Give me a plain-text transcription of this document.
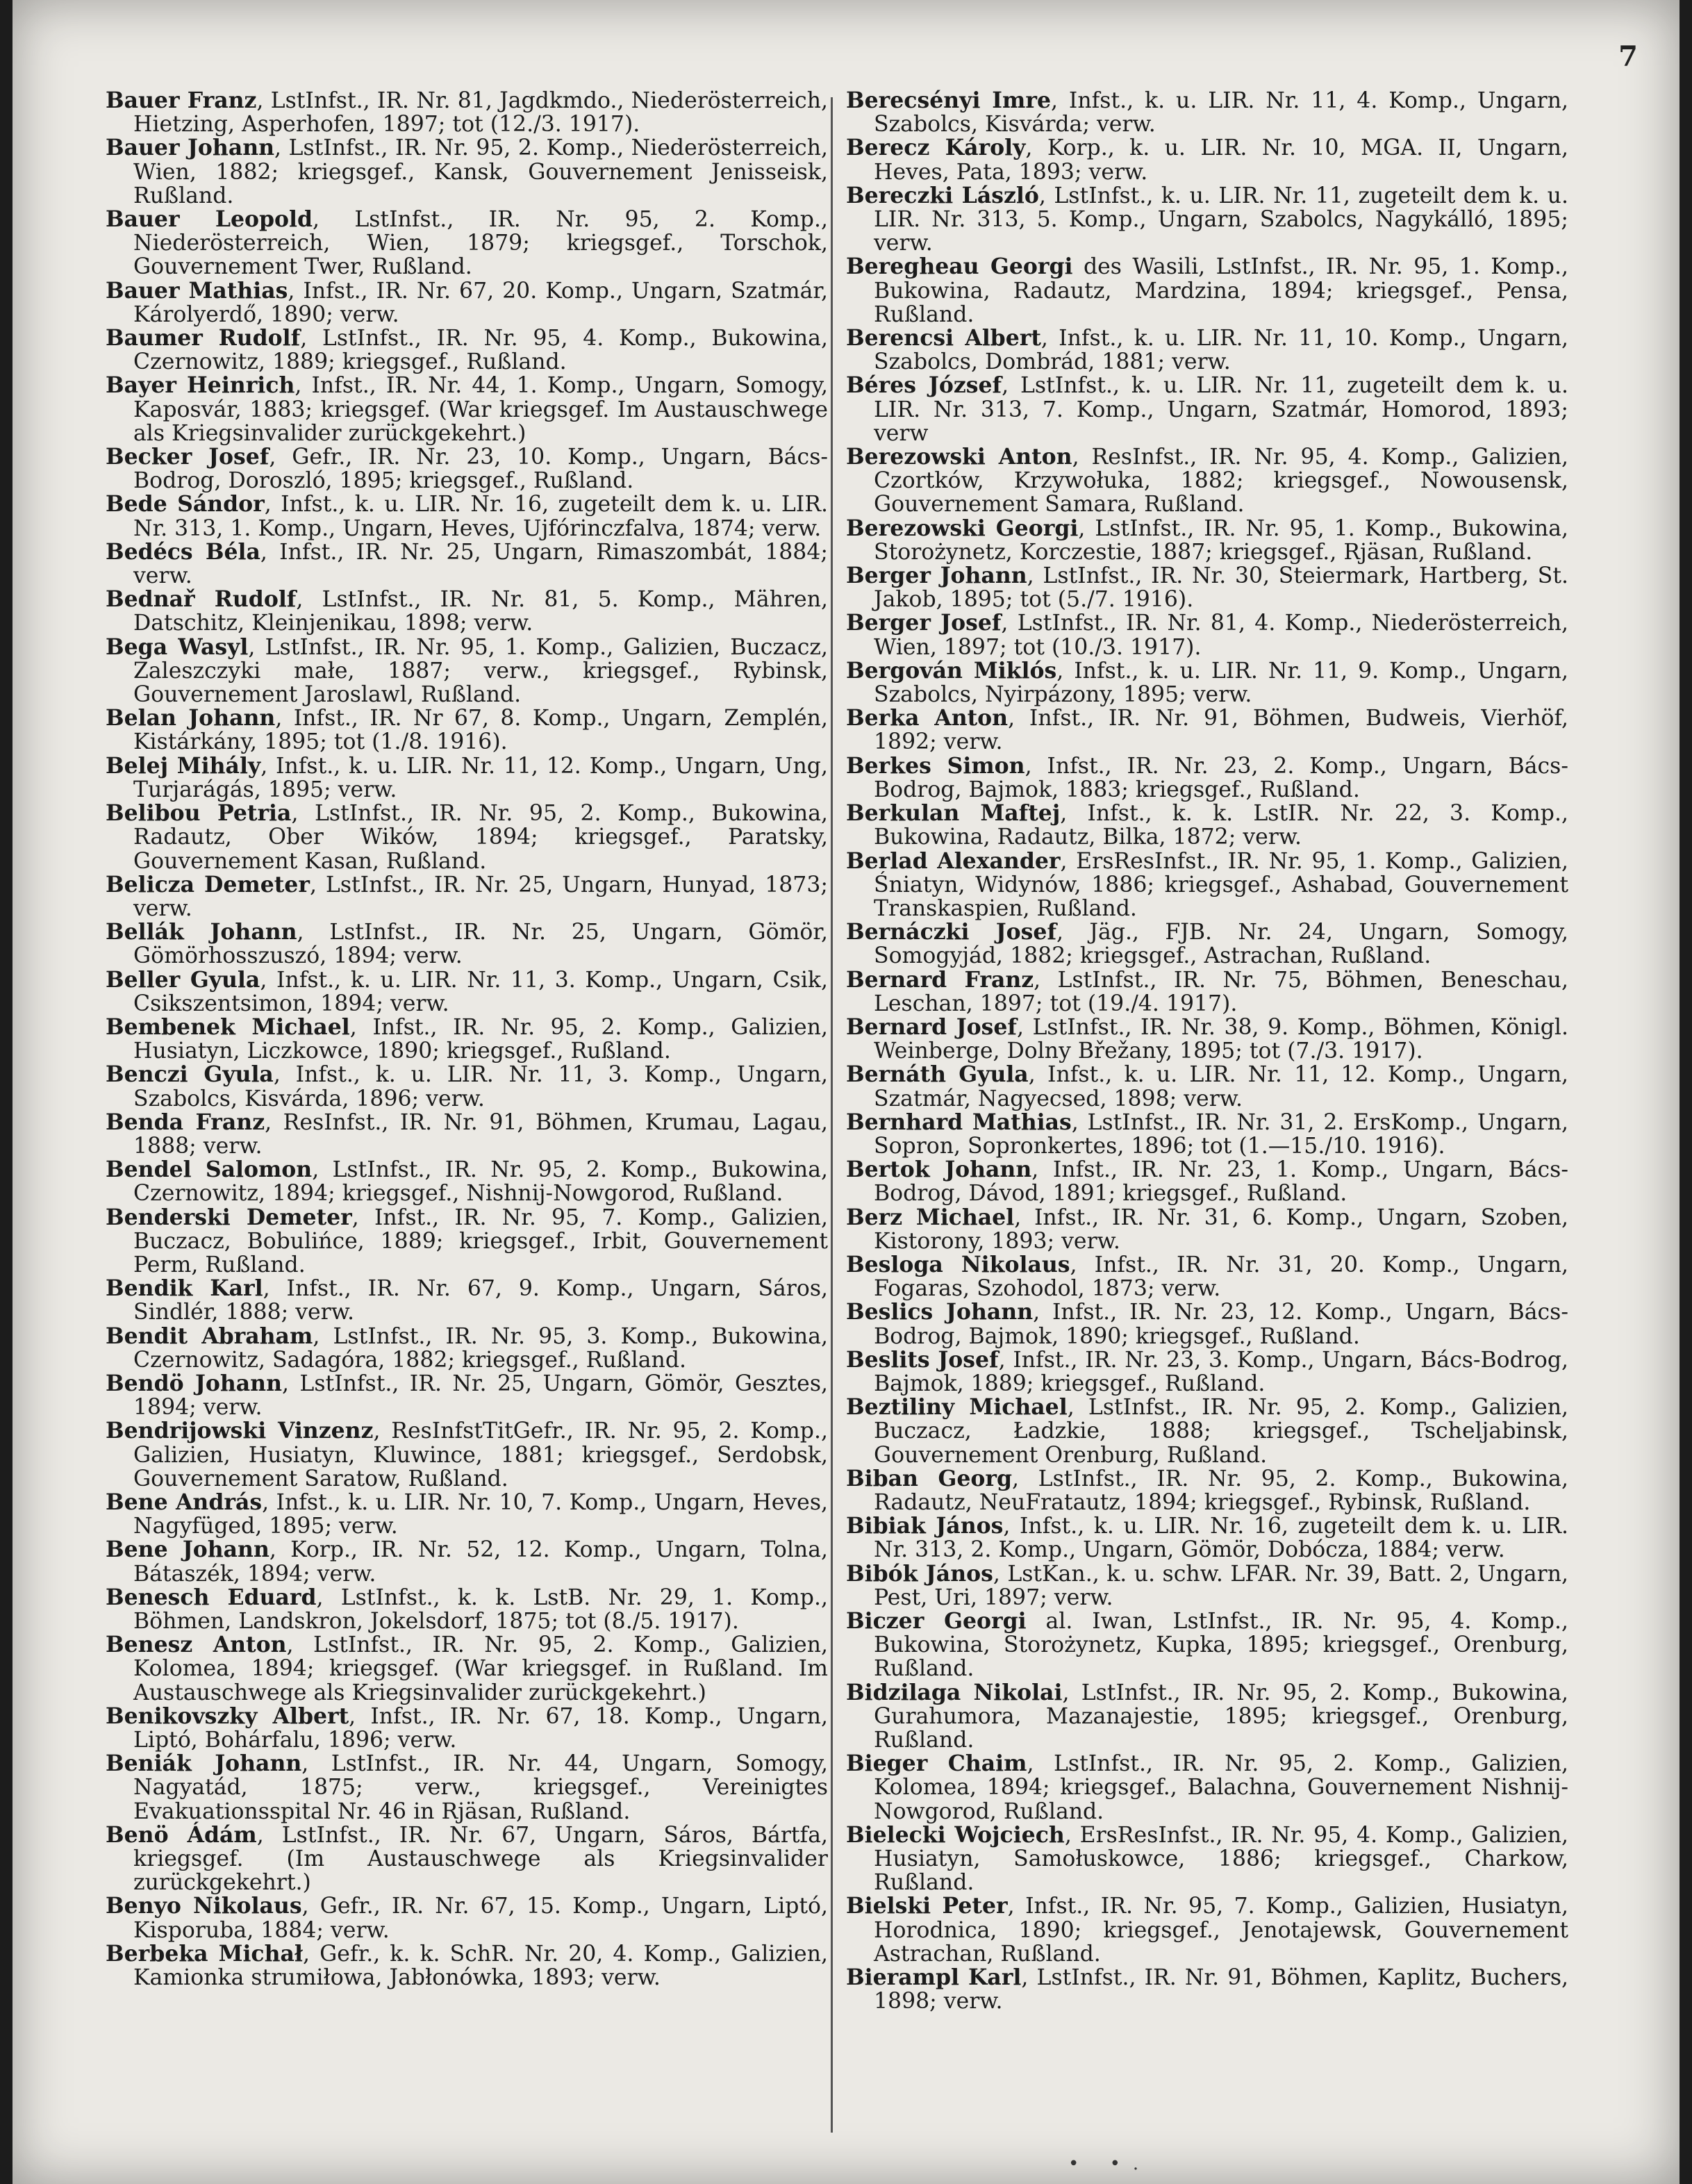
7

Bauer Franz, LstInfst., IR. Nr. 81, Jagdkmdo., Niederösterreich, Hietzing, Asperhofen, 1897; tot (12./3. 1917).

Bauer Johann, LstInfst., IR. Nr. 95, 2. Komp., Niederösterreich, Wien, 1882; kriegsgef., Kansk, Gouvernement Jenisseisk, Rußland.

Bauer Leopold, LstInfst., IR. Nr. 95, 2. Komp., Niederösterreich, Wien, 1879; kriegsgef., Torschok, Gouvernement Twer, Rußland.

Bauer Mathias, Infst., IR. Nr. 67, 20. Komp., Ungarn, Szatmár, Károlyerdő, 1890; verw.

Baumer Rudolf, LstInfst., IR. Nr. 95, 4. Komp., Bukowina, Czernowitz, 1889; kriegsgef., Rußland.

Bayer Heinrich, Infst., IR. Nr. 44, 1. Komp., Ungarn, Somogy, Kaposvár, 1883; kriegsgef. (War kriegsgef. Im Austauschwege als Kriegsinvalider zurückgekehrt.)

Becker Josef, Gefr., IR. Nr. 23, 10. Komp., Ungarn, Bács-Bodrog, Doroszló, 1895; kriegsgef., Rußland.

Bede Sándor, Infst., k. u. LIR. Nr. 16, zugeteilt dem k. u. LIR. Nr. 313, 1. Komp., Ungarn, Heves, Ujfórinczfalva, 1874; verw.

Bedécs Béla, Infst., IR. Nr. 25, Ungarn, Rimaszombát, 1884; verw.

Bednař Rudolf, LstInfst., IR. Nr. 81, 5. Komp., Mähren, Datschitz, Kleinjenikau, 1898; verw.

Bega Wasyl, LstInfst., IR. Nr. 95, 1. Komp., Galizien, Buczacz, Zaleszczyki małe, 1887; verw., kriegsgef., Rybinsk, Gouvernement Jaroslawl, Rußland.

Belan Johann, Infst., IR. Nr 67, 8. Komp., Ungarn, Zemplén, Kistárkány, 1895; tot (1./8. 1916).

Belej Mihály, Infst., k. u. LIR. Nr. 11, 12. Komp., Ungarn, Ung, Turjarágás, 1895; verw.

Belibou Petria, LstInfst., IR. Nr. 95, 2. Komp., Bukowina, Radautz, Ober Wików, 1894; kriegsgef., Paratsky, Gouvernement Kasan, Rußland.

Belicza Demeter, LstInfst., IR. Nr. 25, Ungarn, Hunyad, 1873; verw.

Bellák Johann, LstInfst., IR. Nr. 25, Ungarn, Gömör, Gömörhosszuszó, 1894; verw.

Beller Gyula, Infst., k. u. LIR. Nr. 11, 3. Komp., Ungarn, Csik, Csikszentsimon, 1894; verw.

Bembenek Michael, Infst., IR. Nr. 95, 2. Komp., Galizien, Husiatyn, Liczkowce, 1890; kriegsgef., Rußland.

Benczi Gyula, Infst., k. u. LIR. Nr. 11, 3. Komp., Ungarn, Szabolcs, Kisvárda, 1896; verw.

Benda Franz, ResInfst., IR. Nr. 91, Böhmen, Krumau, Lagau, 1888; verw.

Bendel Salomon, LstInfst., IR. Nr. 95, 2. Komp., Bukowina, Czernowitz, 1894; kriegsgef., Nishnij-Nowgorod, Rußland.

Benderski Demeter, Infst., IR. Nr. 95, 7. Komp., Galizien, Buczacz, Bobulińce, 1889; kriegsgef., Irbit, Gouvernement Perm, Rußland.

Bendik Karl, Infst., IR. Nr. 67, 9. Komp., Ungarn, Sáros, Sindlér, 1888; verw.

Bendit Abraham, LstInfst., IR. Nr. 95, 3. Komp., Bukowina, Czernowitz, Sadagóra, 1882; kriegsgef., Rußland.

Bendö Johann, LstInfst., IR. Nr. 25, Ungarn, Gömör, Gesztes, 1894; verw.

Bendrijowski Vinzenz, ResInfstTitGefr., IR. Nr. 95, 2. Komp., Galizien, Husiatyn, Kluwince, 1881; kriegsgef., Serdobsk, Gouvernement Saratow, Rußland.

Bene András, Infst., k. u. LIR. Nr. 10, 7. Komp., Ungarn, Heves, Nagyfüged, 1895; verw.

Bene Johann, Korp., IR. Nr. 52, 12. Komp., Ungarn, Tolna, Bátaszék, 1894; verw.

Benesch Eduard, LstInfst., k. k. LstB. Nr. 29, 1. Komp., Böhmen, Landskron, Jokelsdorf, 1875; tot (8./5. 1917).

Benesz Anton, LstInfst., IR. Nr. 95, 2. Komp., Galizien, Kolomea, 1894; kriegsgef. (War kriegsgef. in Rußland. Im Austauschwege als Kriegsinvalider zurückgekehrt.)

Benikovszky Albert, Infst., IR. Nr. 67, 18. Komp., Ungarn, Liptó, Bohárfalu, 1896; verw.

Beniák Johann, LstInfst., IR. Nr. 44, Ungarn, Somogy, Nagyatád, 1875; verw., kriegsgef., Vereinigtes Evakuationsspital Nr. 46 in Rjäsan, Rußland.

Benö Ádám, LstInfst., IR. Nr. 67, Ungarn, Sáros, Bártfa, kriegsgef. (Im Austauschwege als Kriegsinvalider zurückgekehrt.)

Benyo Nikolaus, Gefr., IR. Nr. 67, 15. Komp., Ungarn, Liptó, Kisporuba, 1884; verw.

Berbeka Michał, Gefr., k. k. SchR. Nr. 20, 4. Komp., Galizien, Kamionka strumiłowa, Jabłonówka, 1893; verw.

Berecsényi Imre, Infst., k. u. LIR. Nr. 11, 4. Komp., Ungarn, Szabolcs, Kisvárda; verw.

Berecz Károly, Korp., k. u. LIR. Nr. 10, MGA. II, Ungarn, Heves, Pata, 1893; verw.

Bereczki László, LstInfst., k. u. LIR. Nr. 11, zugeteilt dem k. u. LIR. Nr. 313, 5. Komp., Ungarn, Szabolcs, Nagykálló, 1895; verw.

Beregheau Georgi des Wasili, LstInfst., IR. Nr. 95, 1. Komp., Bukowina, Radautz, Mardzina, 1894; kriegsgef., Pensa, Rußland.

Berencsi Albert, Infst., k. u. LIR. Nr. 11, 10. Komp., Ungarn, Szabolcs, Dombrád, 1881; verw.

Béres József, LstInfst., k. u. LIR. Nr. 11, zugeteilt dem k. u. LIR. Nr. 313, 7. Komp., Ungarn, Szatmár, Homorod, 1893; verw

Berezowski Anton, ResInfst., IR. Nr. 95, 4. Komp., Galizien, Czortków, Krzywołuka, 1882; kriegsgef., Nowousensk, Gouvernement Samara, Rußland.

Berezowski Georgi, LstInfst., IR. Nr. 95, 1. Komp., Bukowina, Storożynetz, Korczestie, 1887; kriegsgef., Rjäsan, Rußland.

Berger Johann, LstInfst., IR. Nr. 30, Steiermark, Hartberg, St. Jakob, 1895; tot (5./7. 1916).

Berger Josef, LstInfst., IR. Nr. 81, 4. Komp., Niederösterreich, Wien, 1897; tot (10./3. 1917).

Bergován Miklós, Infst., k. u. LIR. Nr. 11, 9. Komp., Ungarn, Szabolcs, Nyirpázony, 1895; verw.

Berka Anton, Infst., IR. Nr. 91, Böhmen, Budweis, Vierhöf, 1892; verw.

Berkes Simon, Infst., IR. Nr. 23, 2. Komp., Ungarn, Bács-Bodrog, Bajmok, 1883; kriegsgef., Rußland.

Berkulan Maftej, Infst., k. k. LstIR. Nr. 22, 3. Komp., Bukowina, Radautz, Bilka, 1872; verw.

Berlad Alexander, ErsResInfst., IR. Nr. 95, 1. Komp., Galizien, Śniatyn, Widynów, 1886; kriegsgef., Ashabad, Gouvernement Transkaspien, Rußland.

Bernáczki Josef, Jäg., FJB. Nr. 24, Ungarn, Somogy, Somogyjád, 1882; kriegsgef., Astrachan, Rußland.

Bernard Franz, LstInfst., IR. Nr. 75, Böhmen, Beneschau, Leschan, 1897; tot (19./4. 1917).

Bernard Josef, LstInfst., IR. Nr. 38, 9. Komp., Böhmen, Königl. Weinberge, Dolny Břežany, 1895; tot (7./3. 1917).

Bernáth Gyula, Infst., k. u. LIR. Nr. 11, 12. Komp., Ungarn, Szatmár, Nagyecsed, 1898; verw.

Bernhard Mathias, LstInfst., IR. Nr. 31, 2. ErsKomp., Ungarn, Sopron, Sopronkertes, 1896; tot (1.—15./10. 1916).

Bertok Johann, Infst., IR. Nr. 23, 1. Komp., Ungarn, Bács-Bodrog, Dávod, 1891; kriegsgef., Rußland.

Berz Michael, Infst., IR. Nr. 31, 6. Komp., Ungarn, Szoben, Kistorony, 1893; verw.

Besloga Nikolaus, Infst., IR. Nr. 31, 20. Komp., Ungarn, Fogaras, Szohodol, 1873; verw.

Beslics Johann, Infst., IR. Nr. 23, 12. Komp., Ungarn, Bács-Bodrog, Bajmok, 1890; kriegsgef., Rußland.

Beslits Josef, Infst., IR. Nr. 23, 3. Komp., Ungarn, Bács-Bodrog, Bajmok, 1889; kriegsgef., Rußland.

Beztiliny Michael, LstInfst., IR. Nr. 95, 2. Komp., Galizien, Buczacz, Ładzkie, 1888; kriegsgef., Tscheljabinsk, Gouvernement Orenburg, Rußland.

Biban Georg, LstInfst., IR. Nr. 95, 2. Komp., Bukowina, Radautz, NeuFratautz, 1894; kriegsgef., Rybinsk, Rußland.

Bibiak János, Infst., k. u. LIR. Nr. 16, zugeteilt dem k. u. LIR. Nr. 313, 2. Komp., Ungarn, Gömör, Dobócza, 1884; verw.

Bibók János, LstKan., k. u. schw. LFAR. Nr. 39, Batt. 2, Ungarn, Pest, Uri, 1897; verw.

Biczer Georgi al. Iwan, LstInfst., IR. Nr. 95, 4. Komp., Bukowina, Storożynetz, Kupka, 1895; kriegsgef., Orenburg, Rußland.

Bidzilaga Nikolai, LstInfst., IR. Nr. 95, 2. Komp., Bukowina, Gurahumora, Mazanajestie, 1895; kriegsgef., Orenburg, Rußland.

Bieger Chaim, LstInfst., IR. Nr. 95, 2. Komp., Galizien, Kolomea, 1894; kriegsgef., Balachna, Gouvernement Nishnij-Nowgorod, Rußland.

Bielecki Wojciech, ErsResInfst., IR. Nr. 95, 4. Komp., Galizien, Husiatyn, Samołuskowce, 1886; kriegsgef., Charkow, Rußland.

Bielski Peter, Infst., IR. Nr. 95, 7. Komp., Galizien, Husiatyn, Horodnica, 1890; kriegsgef., Jenotajewsk, Gouvernement Astrachan, Rußland.

Bierampl Karl, LstInfst., IR. Nr. 91, Böhmen, Kaplitz, Buchers, 1898; verw.

• •.
